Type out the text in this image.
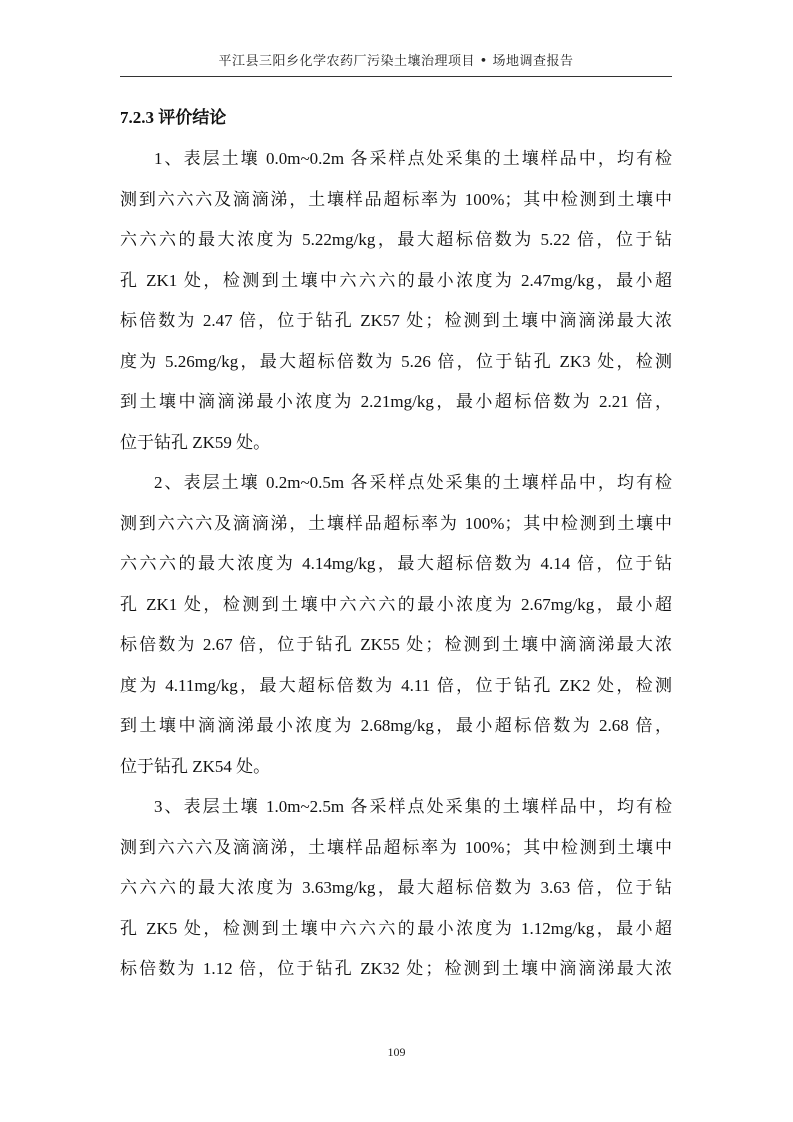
平江县三阳乡化学农药厂污染土壤治理项目 • 场地调查报告
7.2.3 评价结论
1、表层土壤 0.0m~0.2m 各采样点处采集的土壤样品中，均有检
测到六六六及滴滴涕，土壤样品超标率为 100%；其中检测到土壤中
六六六的最大浓度为 5.22mg/kg，最大超标倍数为 5.22 倍，位于钻
孔 ZK1 处，检测到土壤中六六六的最小浓度为 2.47mg/kg，最小超
标倍数为 2.47 倍，位于钻孔 ZK57 处；检测到土壤中滴滴涕最大浓
度为 5.26mg/kg，最大超标倍数为 5.26 倍，位于钻孔 ZK3 处，检测
到土壤中滴滴涕最小浓度为 2.21mg/kg，最小超标倍数为 2.21 倍，
位于钻孔 ZK59 处。
2、表层土壤 0.2m~0.5m 各采样点处采集的土壤样品中，均有检
测到六六六及滴滴涕，土壤样品超标率为 100%；其中检测到土壤中
六六六的最大浓度为 4.14mg/kg，最大超标倍数为 4.14 倍，位于钻
孔 ZK1 处，检测到土壤中六六六的最小浓度为 2.67mg/kg，最小超
标倍数为 2.67 倍，位于钻孔 ZK55 处；检测到土壤中滴滴涕最大浓
度为 4.11mg/kg，最大超标倍数为 4.11 倍，位于钻孔 ZK2 处，检测
到土壤中滴滴涕最小浓度为 2.68mg/kg，最小超标倍数为 2.68 倍，
位于钻孔 ZK54 处。
3、表层土壤 1.0m~2.5m 各采样点处采集的土壤样品中，均有检
测到六六六及滴滴涕，土壤样品超标率为 100%；其中检测到土壤中
六六六的最大浓度为 3.63mg/kg，最大超标倍数为 3.63 倍，位于钻
孔 ZK5 处，检测到土壤中六六六的最小浓度为 1.12mg/kg，最小超
标倍数为 1.12 倍，位于钻孔 ZK32 处；检测到土壤中滴滴涕最大浓
109
